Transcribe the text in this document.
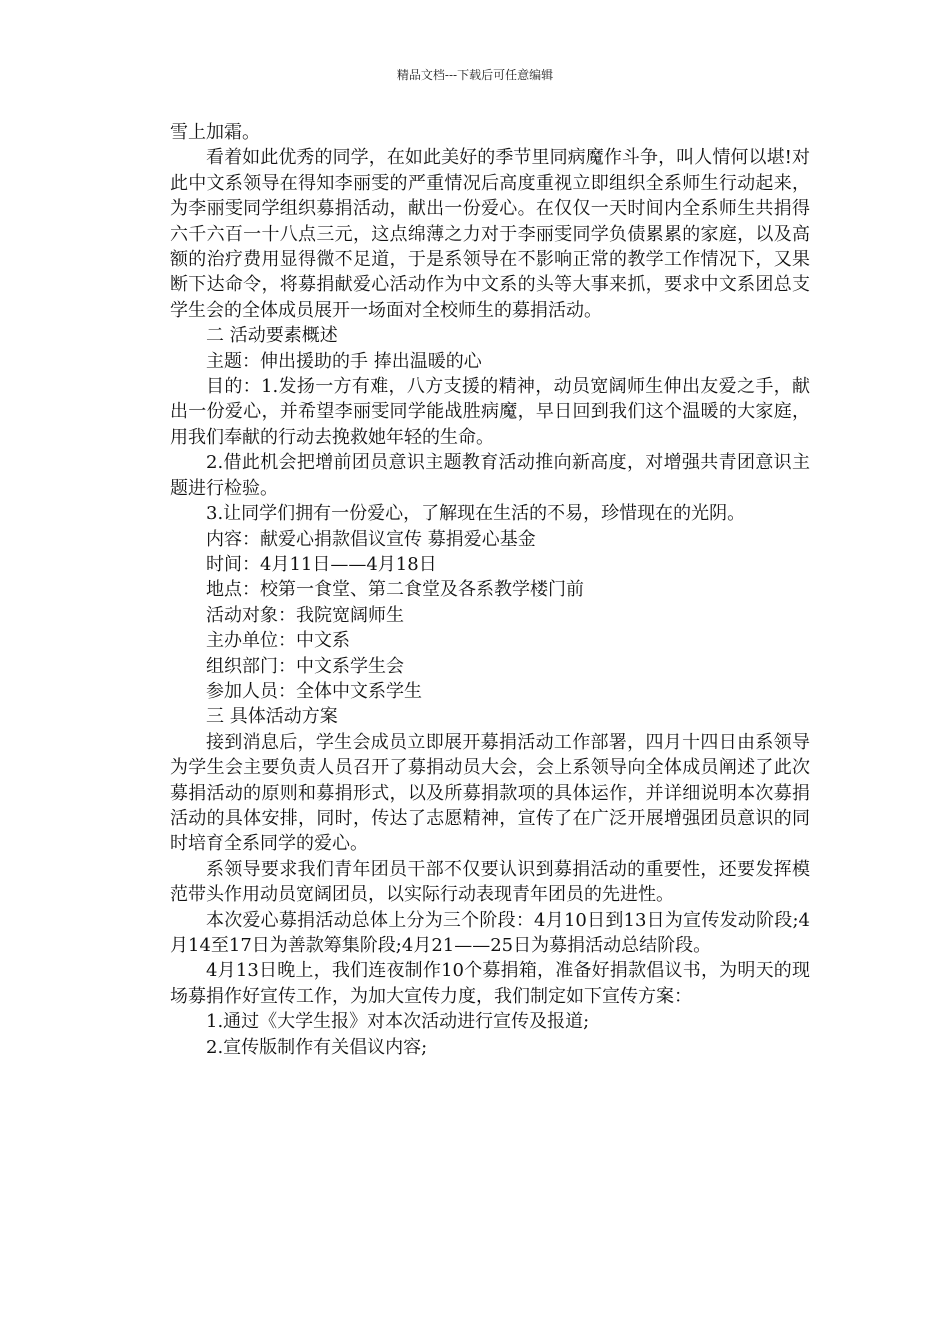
精品文档---下载后可任意编辑

雪上加霜。

看着如此优秀的同学，在如此美好的季节里同病魔作斗争，叫人情何以堪!对此中文系领导在得知李丽雯的严重情况后高度重视立即组织全系师生行动起来，为李丽雯同学组织募捐活动，献出一份爱心。在仅仅一天时间内全系师生共捐得六千六百一十八点三元，这点绵薄之力对于李丽雯同学负债累累的家庭，以及高额的治疗费用显得微不足道，于是系领导在不影响正常的教学工作情况下，又果断下达命令，将募捐献爱心活动作为中文系的头等大事来抓，要求中文系团总支学生会的全体成员展开一场面对全校师生的募捐活动。

二 活动要素概述

主题：伸出援助的手 捧出温暖的心

目的：1.发扬一方有难，八方支援的精神，动员宽阔师生伸出友爱之手，献出一份爱心，并希望李丽雯同学能战胜病魔，早日回到我们这个温暖的大家庭，用我们奉献的行动去挽救她年轻的生命。

2.借此机会把增前团员意识主题教育活动推向新高度，对增强共青团意识主题进行检验。

3.让同学们拥有一份爱心，了解现在生活的不易，珍惜现在的光阴。

内容：献爱心捐款倡议宣传 募捐爱心基金

时间：4月11日——4月18日

地点：校第一食堂、第二食堂及各系教学楼门前

活动对象：我院宽阔师生

主办单位：中文系

组织部门：中文系学生会

参加人员：全体中文系学生

三 具体活动方案

接到消息后，学生会成员立即展开募捐活动工作部署，四月十四日由系领导为学生会主要负责人员召开了募捐动员大会，会上系领导向全体成员阐述了此次募捐活动的原则和募捐形式，以及所募捐款项的具体运作，并详细说明本次募捐活动的具体安排，同时，传达了志愿精神，宣传了在广泛开展增强团员意识的同时培育全系同学的爱心。

系领导要求我们青年团员干部不仅要认识到募捐活动的重要性，还要发挥模范带头作用动员宽阔团员，以实际行动表现青年团员的先进性。

本次爱心募捐活动总体上分为三个阶段：4月10日到13日为宣传发动阶段;4月14至17日为善款筹集阶段;4月21——25日为募捐活动总结阶段。

4月13日晚上，我们连夜制作10个募捐箱，准备好捐款倡议书，为明天的现场募捐作好宣传工作，为加大宣传力度，我们制定如下宣传方案：

1.通过《大学生报》对本次活动进行宣传及报道;

2.宣传版制作有关倡议内容;
